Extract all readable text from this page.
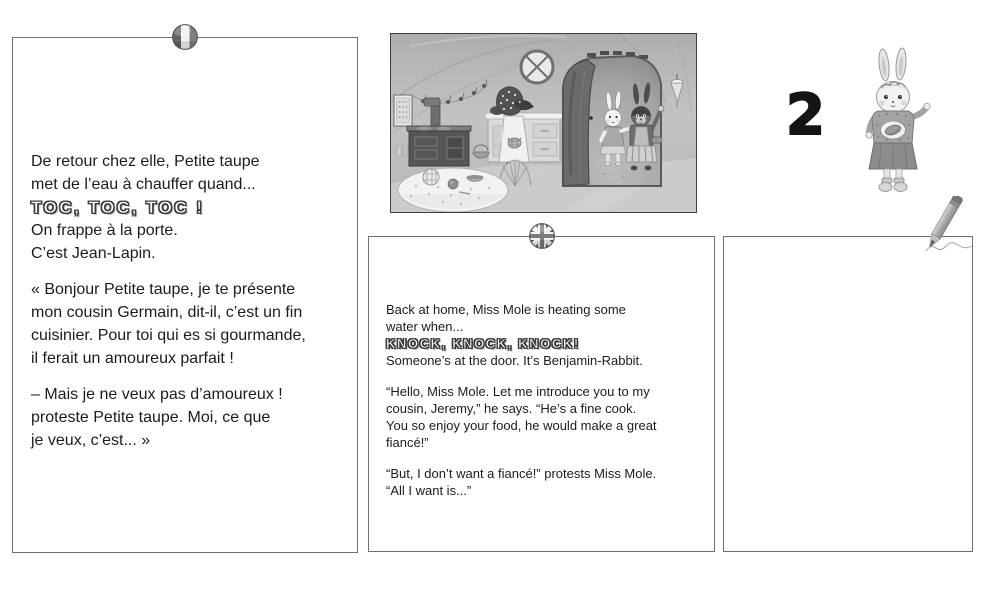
De retour chez elle, Petite taupe
met de l’eau à chauffer quand...
TOC, TOC, TOC !
On frappe à la porte.
C’est Jean-Lapin.
« Bonjour Petite taupe, je te présente
mon cousin Germain, dit-il, c’est un fin
cuisinier. Pour toi qui es si gourmande,
il ferait un amoureux parfait !
– Mais je ne veux pas d’amoureux !
proteste Petite taupe. Moi, ce que
je veux, c’est... »
Back at home, Miss Mole is heating some
water when...
KNOCK, KNOCK, KNOCK!
Someone’s at the door. It’s Benjamin-Rabbit.
“Hello, Miss Mole. Let me introduce you to my
cousin, Jeremy,” he says. “He’s a fine cook.
You so enjoy your food, he would make a great
fiancé!”
“But, I don’t want a fiancé!” protests Miss Mole.
“All I want is...”
2
